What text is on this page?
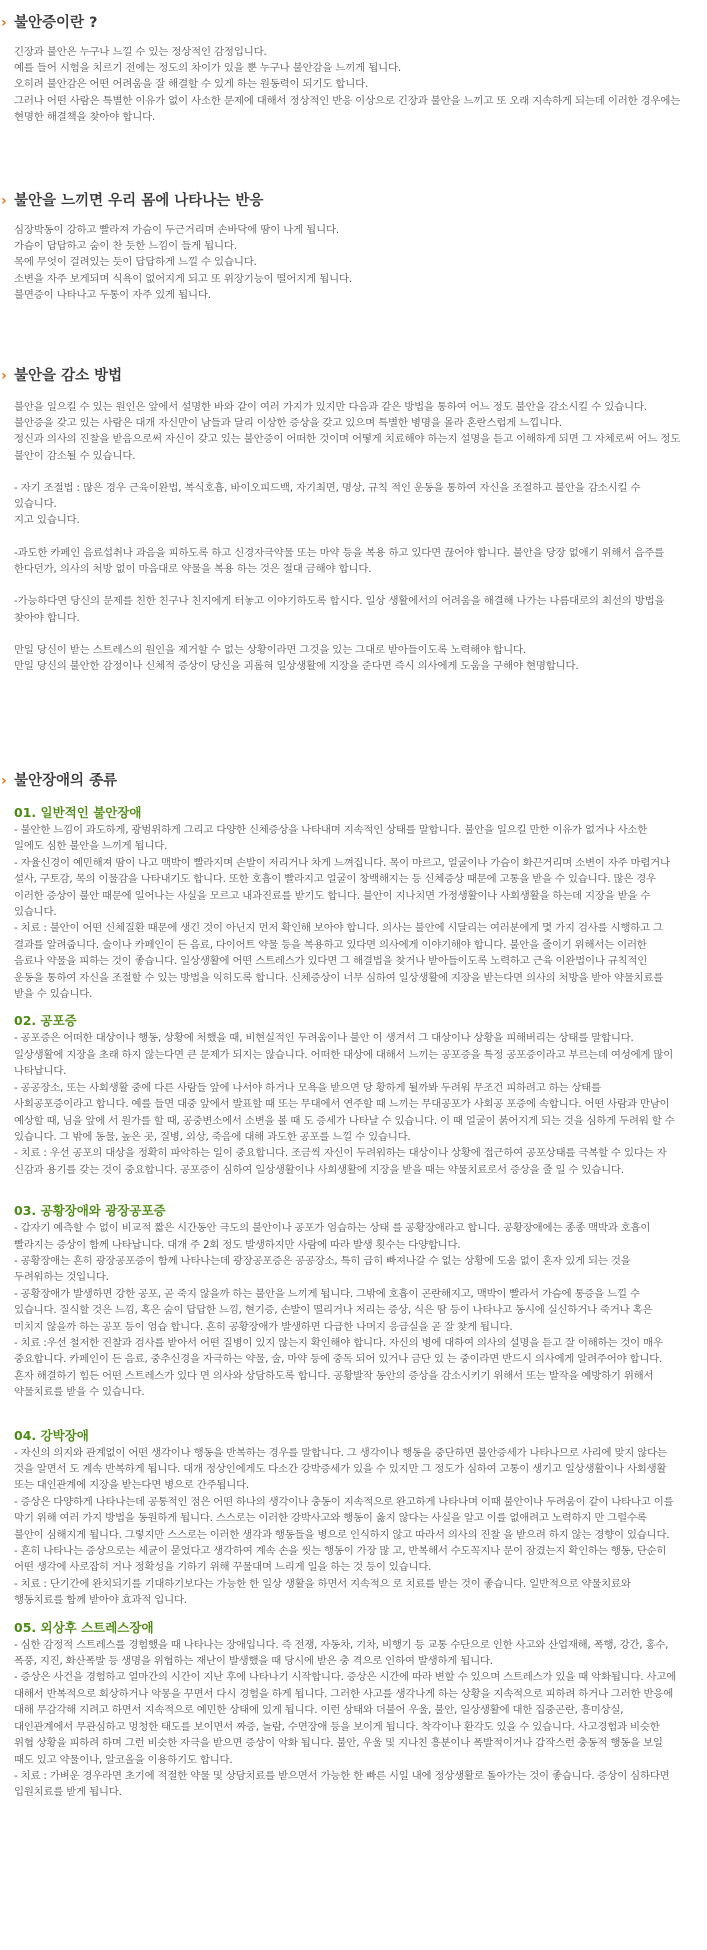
› 불안증이란 ?
긴장과 불안은 누구나 느낄 수 있는 정상적인 감정입니다.
예를 들어 시험을 치르기 전에는 정도의 차이가 있을 뿐 누구나 불안감을 느끼게 됩니다.
오히려 불안감은 어떤 어려움을 잘 해결할 수 있게 하는 원동력이 되기도 합니다.
그러나 어떤 사람은 특별한 이유가 없이 사소한 문제에 대해서 정상적인 반응 이상으로 긴장과 불안을 느끼고 또 오래 지속하게 되는데 이러한 경우에는
현명한 해결책을 찾아야 합니다.
› 불안을 느끼면 우리 몸에 나타나는 반응
심장박동이 강하고 빨라져 가슴이 두근거리며 손바닥에 땀이 나게 됩니다.
가슴이 답답하고 숨이 찬 듯한 느낌이 들게 됩니다.
목에 무엇이 걸려있는 듯이 답답하게 느낄 수 있습니다.
소변을 자주 보게되며 식욕이 없어지게 되고 또 위장기능이 떨어지게 됩니다.
불면증이 나타나고 두통이 자주 있게 됩니다.
› 불안을 감소 방법
불안을 일으킬 수 있는 원인은 앞에서 설명한 바와 같이 여러 가지가 있지만 다음과 같은 방법을 통하여 어느 정도 불안을 감소시킬 수 있습니다.
불안증을 갖고 있는 사람은 대개 자신만이 남들과 달리 이상한 증상을 갖고 있으며 특별한 병명을 몰라 혼란스럽게 느낍니다.
정신과 의사의 진찰을 받음으로써 자신이 갖고 있는 불안증이 어떠한 것이며 어떻게 치료해야 하는지 설명을 듣고 이해하게 되면 그 자체로써 어느 정도
불안이 감소될 수 있습니다.
- 자기 조절법 : 많은 경우 근육이완법, 복식호흡, 바이오피드백, 자기최면, 명상, 규칙 적인 운동을 통하여 자신을 조절하고 불안을 감소시킬 수
있습니다.
지고 있습니다.
-과도한 카페인 음료섭취나 과음을 피하도록 하고 신경자극약물 또는 마약 등을 복용 하고 있다면 끊어야 합니다. 불안을 당장 없애기 위해서 음주를
한다던가, 의사의 처방 없이 마음대로 약물을 복용 하는 것은 절대 금해야 합니다.
-가능하다면 당신의 문제를 친한 친구나 친지에게 터놓고 이야기하도록 합시다. 일상 생활에서의 어려움을 해결해 나가는 나름대로의 최선의 방법을
찾아야 합니다.
만일 당신이 받는 스트레스의 원인을 제거할 수 없는 상황이라면 그것을 있는 그대로 받아들이도록 노력해야 합니다.
만일 당신의 불안한 감정이나 신체적 증상이 당신을 괴롭혀 일상생활에 지장을 준다면 즉시 의사에게 도움을 구해야 현명합니다.
› 불안장애의 종류
01. 일반적인 불안장애
- 불안한 느낌이 과도하게, 광범위하게 그리고 다양한 신체증상을 나타내며 지속적인 상태를 말합니다. 불안을 일으킬 만한 이유가 없거나 사소한
일에도 심한 불안을 느끼게 됩니다.
- 자율신경이 예민해져 땀이 나고 맥박이 빨라지며 손발이 저리거나 차게 느껴집니다. 목이 마르고, 얼굴이나 가슴이 화끈거리며 소변이 자주 마렵거나
설사, 구토감, 목의 이물감을 나타내기도 합니다. 또한 호흡이 빨라지고 얼굴이 창백해지는 등 신체증상 때문에 고통을 받을 수 있습니다. 많은 경우
이러한 증상이 불안 때문에 일어나는 사실을 모르고 내과진료를 받기도 합니다. 불안이 지나치면 가정생활이나 사회생활을 하는데 지장을 받을 수
있습니다.
- 치료 : 불안이 어떤 신체질환 때문에 생긴 것이 아닌지 먼저 확인해 보아야 합니다. 의사는 불안에 시달리는 여러분에게 몇 가지 검사를 시행하고 그
결과를 알려줍니다. 술이나 카페인이 든 음료, 다이어트 약물 등을 복용하고 있다면 의사에게 이야기해야 합니다. 불안을 줄이기 위해서는 이러한
음료나 약물을 피하는 것이 좋습니다. 일상생활에 어떤 스트레스가 있다면 그 해결법을 찾거나 받아들이도록 노력하고 근육 이완법이나 규칙적인
운동을 통하여 자신을 조절할 수 있는 방법을 익히도록 합니다. 신체증상이 너무 심하여 일상생활에 지장을 받는다면 의사의 처방을 받아 약물치료를
받을 수 있습니다.
02. 공포증
- 공포증은 어떠한 대상이나 행동, 상황에 처했을 때, 비현실적인 두려움이나 불안 이 생겨서 그 대상이나 상황을 피해버리는 상태를 말합니다.
일상생활에 지장을 초래 하지 않는다면 큰 문제가 되지는 않습니다. 어떠한 대상에 대해서 느끼는 공포증을 특정 공포증이라고 부르는데 여성에게 많이
나타납니다.
- 공공장소, 또는 사회생활 중에 다른 사람들 앞에 나서야 하거나 모욕을 받으면 당 황하게 될까봐 두려워 무조건 피하려고 하는 상태를
사회공포증이라고 합니다. 예를 들면 대중 앞에서 발표할 때 또는 무대에서 연주할 때 느끼는 무대공포가 사회공 포증에 속합니다. 어떤 사람과 만남이
예상할 때, 님을 앞에 서 원가를 할 때, 공중변소에서 소변을 볼 때 도 증세가 나타날 수 있습니다. 이 때 얼굴이 붉어지게 되는 것을 심하게 두려워 할 수
있습니다. 그 밖에 동물, 높은 곳, 질병, 외상, 죽음에 대해 과도한 공포를 느낄 수 있습니다.
- 치료 : 우선 공포의 대상을 정확히 파악하는 일이 중요합니다. 조금씩 자신이 두려워하는 대상이나 상황에 접근하여 공포상태를 극복할 수 있다는 자
신감과 용기를 갖는 것이 중요합니다. 공포증이 심하여 일상생활이나 사회생활에 지장을 받을 때는 약물치료로서 증상을 줄 일 수 있습니다.
03. 공황장애와 광장공포증
- 갑자기 예측할 수 없이 비교적 짧은 시간동안 극도의 불안이나 공포가 엄습하는 상태 를 공황장애라고 합니다. 공황장애에는 종종 맥박과 호흡이
빨라지는 증상이 함께 나타납니다. 대개 주 2회 정도 발생하지만 사람에 따라 발생 횟수는 다양합니다.
- 공황장애는 흔히 광장공포증이 함께 나타나는데 광장공포증은 공공장소, 특히 급히 빠져나갈 수 없는 상황에 도움 없이 혼자 있게 되는 것을
두려워하는 것입니다.
- 공황장애가 발생하면 강한 공포, 곧 죽지 않을까 하는 불안을 느끼게 됩니다. 그밖에 호흡이 곤란해지고, 맥박이 빨라서 가슴에 통증을 느낄 수
있습니다. 질식할 것은 느낌, 혹은 숨이 답답한 느낌, 현기증, 손발이 떨리거나 저리는 증상, 식은 땀 등이 나타나고 동시에 실신하거나 죽거나 혹은
미치지 않을까 하는 공포 등이 엄습 합니다. 흔히 공황장애가 발생하면 다급한 나머지 응급실을 곧 잘 찾게 됩니다.
- 치료 :우선 철저한 진찰과 검사를 받아서 어떤 질병이 있지 않는지 확인해야 합니다. 자신의 병에 대하여 의사의 설명을 듣고 잘 이해하는 것이 매우
중요합니다. 카페인이 든 음료, 중추신경을 자극하는 약물, 술, 마약 등에 중독 되어 있거나 금단 있 는 중이라면 반드시 의사에게 알려주어야 합니다.
흔자 해결하기 힘든 어떤 스트레스가 있다 면 의사와 상담하도록 합니다. 공황발작 동안의 증상을 감소시키기 위해서 또는 발작을 예방하기 위해서
약물치료를 받을 수 있습니다.
04. 강박장애
- 자신의 의지와 관계없이 어떤 생각이나 행동을 반복하는 경우를 말합니다. 그 생각이나 행동을 중단하면 불안증세가 나타나므로 사리에 맞지 않다는
것을 알면서 도 계속 반복하게 됩니다. 대개 정상인에게도 다소간 강박증세가 있을 수 있지만 그 정도가 심하여 고통이 생기고 일상생활이나 사회생활
또는 대인관계에 지장을 받는다면 병으로 간주됩니다.
- 증상은 다양하게 나타나는데 공통적인 점은 어떤 하나의 생각이나 충동이 지속적으로 완고하게 나타나며 이때 불안이나 두려움이 같이 나타나고 이를
막기 위해 여러 가지 방법을 동원하게 됩니다. 스스로는 이러한 강박사고와 행동이 옳지 않다는 사실을 알고 이를 없애려고 노력하지 만 그럴수록
불안이 심해지게 됩니다. 그렇지만 스스로는 이러한 생각과 행동들을 병으로 인식하지 않고 따라서 의사의 진찰 을 받으려 하지 않는 경향이 있습니다.
- 흔히 나타나는 증상으로는 세균이 묻었다고 생각하여 계속 손을 씻는 행동이 가장 많 고, 반복해서 수도꼭지나 문이 잠겼는지 확인하는 행동, 단순히
어떤 생각에 사로잡히 거나 정확성을 기하기 위해 꾸물대며 느리게 일을 하는 것 등이 있습니다.
- 치료 : 단기간에 완치되기를 기대하기보다는 가능한 한 일상 생활을 하면서 지속적으 로 치료를 받는 것이 좋습니다. 일반적으로 약물치료와
행동치료를 함께 받아야 효과적 입니다.
05. 외상후 스트레스장애
- 심한 감정적 스트레스를 경험했을 때 나타나는 장애입니다. 즉 전쟁, 자동차, 기차, 비행기 등 교통 수단으로 인한 사고와 산업재해, 폭행, 강간, 홍수,
폭풍, 지진, 화산폭발 등 생명을 위협하는 재난이 발생했을 때 당시에 받은 충 격으로 인하여 발생하게 됩니다.
- 증상은 사건을 경험하고 얼마간의 시간이 지난 후에 나타나기 시작합니다. 증상은 시간에 따라 변할 수 있으며 스트레스가 있을 때 악화됩니다. 사고에
대해서 반복적으로 회상하거나 악몽을 꾸면서 다시 경험을 하게 됩니다. 그러한 사고를 생각나게 하는 상황을 지속적으로 피하려 하거나 그러한 반응에
대해 무감각해 지려고 하면서 지속적으로 예민한 상태에 있게 됩니다. 이런 상태와 더불어 우울, 불안, 일상생활에 대한 집중곤란, 흥미상실,
대인관계에서 무관심하고 멍청한 태도를 보이면서 짜증, 놀람, 수면장애 등을 보이게 됩니다. 착각이나 환각도 있을 수 있습니다. 사고경험과 비슷한
위협 상황을 피하려 하며 그런 비슷한 자극을 받으면 증상이 악화 됩니다. 불안, 우울 및 지나친 흥분이나 폭발적이거나 갑작스런 충동적 행동을 보일
때도 있고 약물이나, 알코올을 이용하기도 합니다.
- 치료 : 가벼운 경우라면 초기에 적절한 약물 및 상담치료를 받으면서 가능한 한 빠른 시일 내에 정상생활로 돌아가는 것이 좋습니다. 증상이 심하다면
입원치료를 받게 됩니다.
